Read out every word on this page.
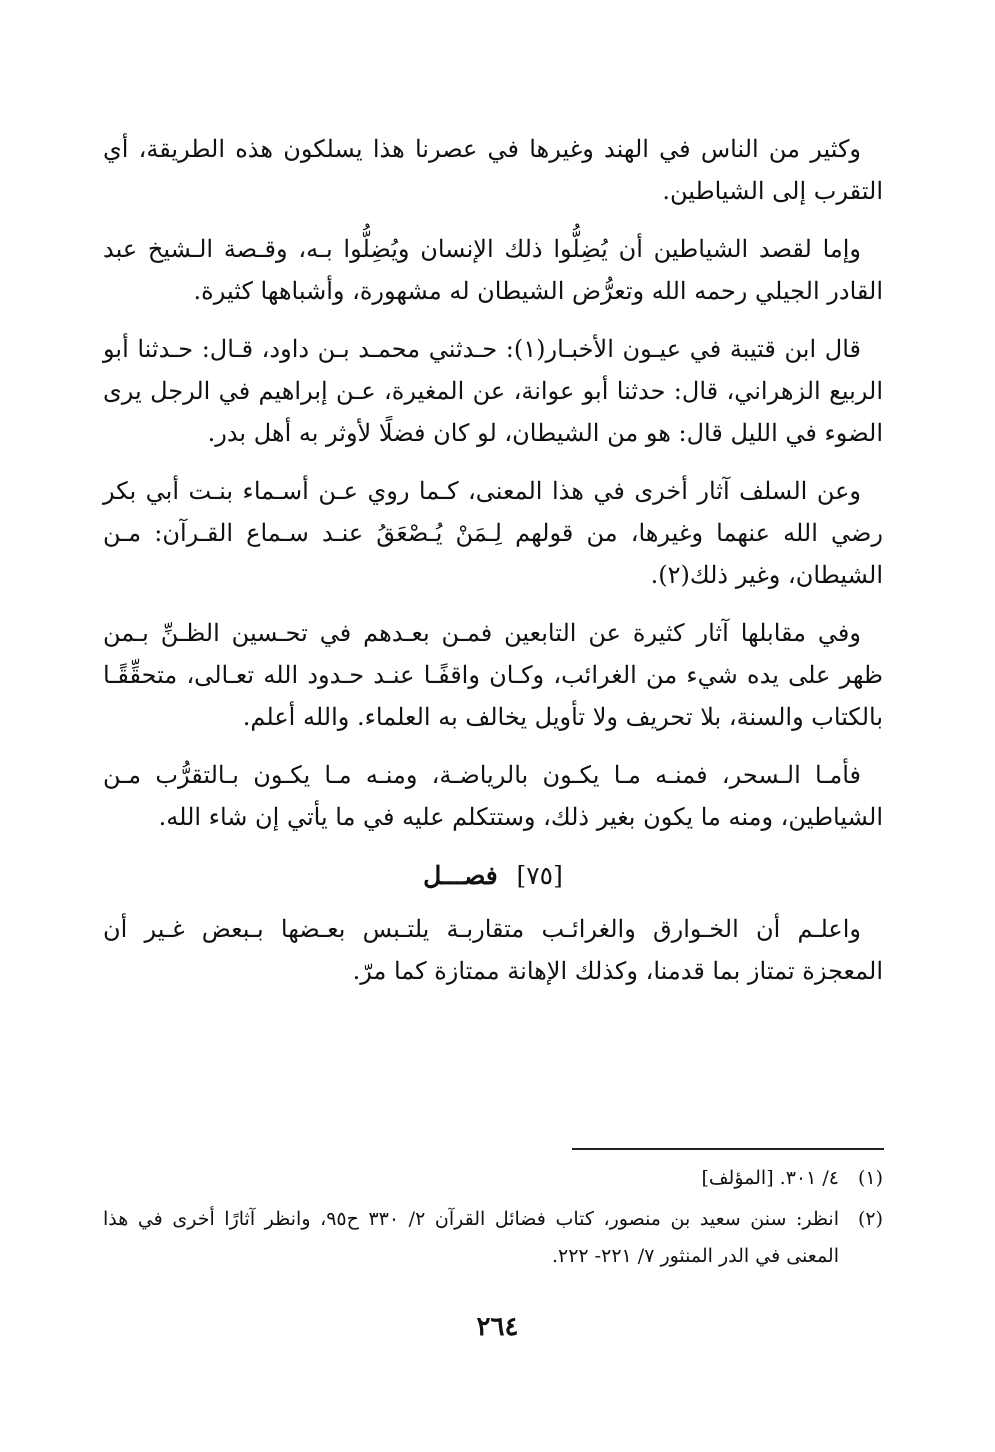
وكثير من الناس في الهند وغيرها في عصرنا هذا يسلكون هذه الطريقة، أي التقرب إلى الشياطين.

وإما لقصد الشياطين أن يُضِلُّوا ذلك الإنسان ويُضِلُّوا بـه، وقـصة الـشيخ عبد القادر الجيلي رحمه الله وتعرُّض الشيطان له مشهورة، وأشباهها كثيرة.

قال ابن قتيبة في عيـون الأخبـار(١): حـدثني محمـد بـن داود، قـال: حـدثنا أبو الربيع الزهراني، قال: حدثنا أبو عوانة، عن المغيرة، عـن إبراهيم في الرجل يرى الضوء في الليل قال: هو من الشيطان، لو كان فضلًا لأوثر به أهل بدر.

وعن السلف آثار أخرى في هذا المعنى، كـما روي عـن أسـماء بنـت أبي بكر رضي الله عنهما وغيرها، من قولهم لِـمَنْ يُـصْعَقُ عنـد سـماع القـرآن: مـن الشيطان، وغير ذلك(٢).

وفي مقابلها آثار كثيرة عن التابعين فمـن بعـدهم في تحـسين الظـنِّ بـمن ظهر على يده شيء من الغرائب، وكـان واقفًـا عنـد حـدود الله تعـالى، متحقِّقًـا بالكتاب والسنة، بلا تحريف ولا تأويل يخالف به العلماء. والله أعلم.

فأمـا الـسحر، فمنـه مـا يكـون بالرياضـة، ومنـه مـا يكـون بـالتقرُّب مـن الشياطين، ومنه ما يكون بغير ذلك، وستتكلم عليه في ما يأتي إن شاء الله.

[٧٥] فصـــل

واعلـم أن الخـوارق والغرائـب متقاربـة يلتـبس بعـضها بـبعض غـير أن المعجزة تمتاز بما قدمنا، وكذلك الإهانة ممتازة كما مرّ.

(١)
٤/ ٣٠١. [المؤلف]
(٢)
انظر: سنن سعيد بن منصور، كتاب فضائل القرآن ٢/ ٣٣٠ ح٩٥، وانظر آثارًا أخرى في هذا المعنى في الدر المنثور ٧/ ٢٢١- ٢٢٢.
٢٦٤
